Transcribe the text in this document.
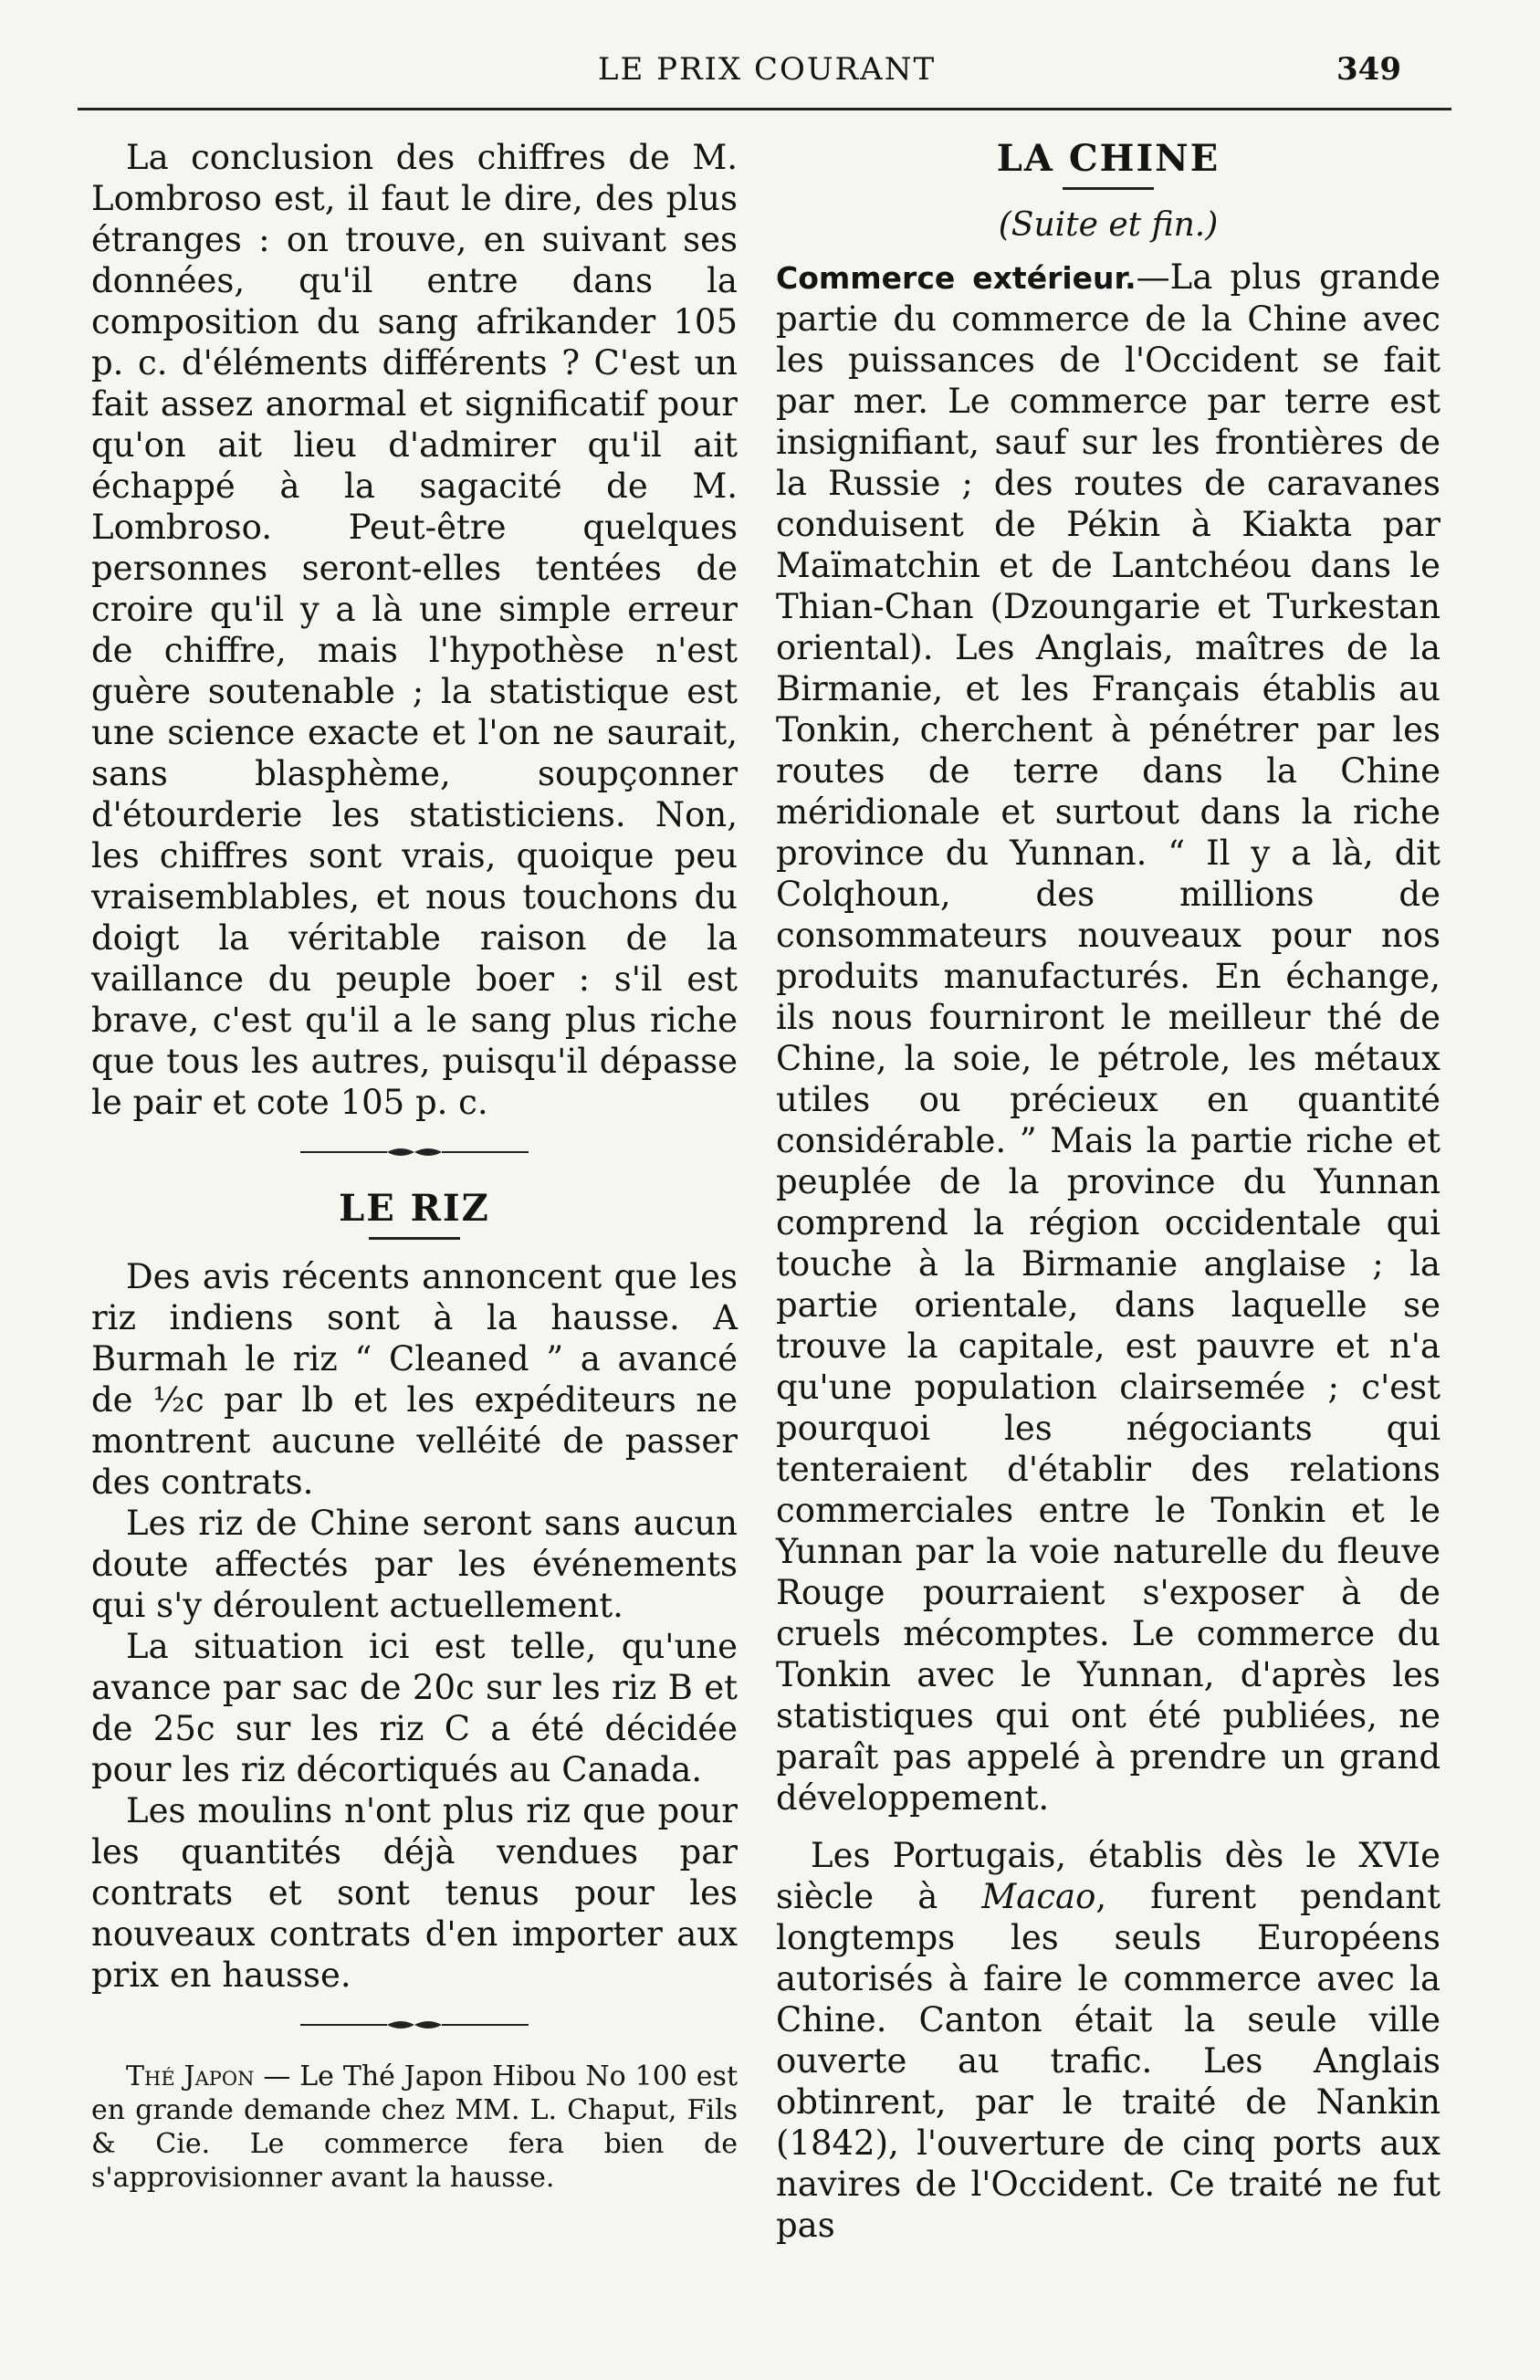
LE PRIX COURANT	349

La conclusion des chiffres de M. Lombroso est, il faut le dire, des plus étranges : on trouve, en suivant ses données, qu'il entre dans la composition du sang afrikander 105 p. c. d'éléments différents ? C'est un fait assez anormal et significatif pour qu'on ait lieu d'admirer qu'il ait échappé à la sagacité de M. Lombroso. Peut-être quelques personnes seront-elles tentées de croire qu'il y a là une simple erreur de chiffre, mais l'hypothèse n'est guère soutenable ; la statistique est une science exacte et l'on ne saurait, sans blasphème, soupçonner d'étourderie les statisticiens. Non, les chiffres sont vrais, quoique peu vraisemblables, et nous touchons du doigt la véritable raison de la vaillance du peuple boer : s'il est brave, c'est qu'il a le sang plus riche que tous les autres, puisqu'il dépasse le pair et cote 105 p. c.

LE RIZ

Des avis récents annoncent que les riz indiens sont à la hausse. A Burmah le riz “ Cleaned ” a avancé de ½c par lb et les expéditeurs ne montrent aucune velléité de passer des contrats.

Les riz de Chine seront sans aucun doute affectés par les événements qui s'y déroulent actuellement.

La situation ici est telle, qu'une avance par sac de 20c sur les riz B et de 25c sur les riz C a été décidée pour les riz décortiqués au Canada.

Les moulins n'ont plus riz que pour les quantités déjà vendues par contrats et sont tenus pour les nouveaux contrats d'en importer aux prix en hausse.

Thé Japon — Le Thé Japon Hibou No 100 est en grande demande chez MM. L. Chaput, Fils & Cie. Le commerce fera bien de s'approvisionner avant la hausse.

LA CHINE
(Suite et fin.)

Commerce extérieur.—La plus grande partie du commerce de la Chine avec les puissances de l'Occident se fait par mer. Le commerce par terre est insignifiant, sauf sur les frontières de la Russie ; des routes de caravanes conduisent de Pékin à Kiakta par Maïmatchin et de Lantchéou dans le Thian-Chan (Dzoungarie et Turkestan oriental). Les Anglais, maîtres de la Birmanie, et les Français établis au Tonkin, cherchent à pénétrer par les routes de terre dans la Chine méridionale et surtout dans la riche province du Yunnan. “ Il y a là, dit Colqhoun, des millions de consommateurs nouveaux pour nos produits manufacturés. En échange, ils nous fourniront le meilleur thé de Chine, la soie, le pétrole, les métaux utiles ou précieux en quantité considérable. ” Mais la partie riche et peuplée de la province du Yunnan comprend la région occidentale qui touche à la Birmanie anglaise ; la partie orientale, dans laquelle se trouve la capitale, est pauvre et n'a qu'une population clairsemée ; c'est pourquoi les négociants qui tenteraient d'établir des relations commerciales entre le Tonkin et le Yunnan par la voie naturelle du fleuve Rouge pourraient s'exposer à de cruels mécomptes. Le commerce du Tonkin avec le Yunnan, d'après les statistiques qui ont été publiées, ne paraît pas appelé à prendre un grand développement.

Les Portugais, établis dès le XVIe siècle à Macao, furent pendant longtemps les seuls Européens autorisés à faire le commerce avec la Chine. Canton était la seule ville ouverte au trafic. Les Anglais obtinrent, par le traité de Nankin (1842), l'ouverture de cinq ports aux navires de l'Occident. Ce traité ne fut pas
